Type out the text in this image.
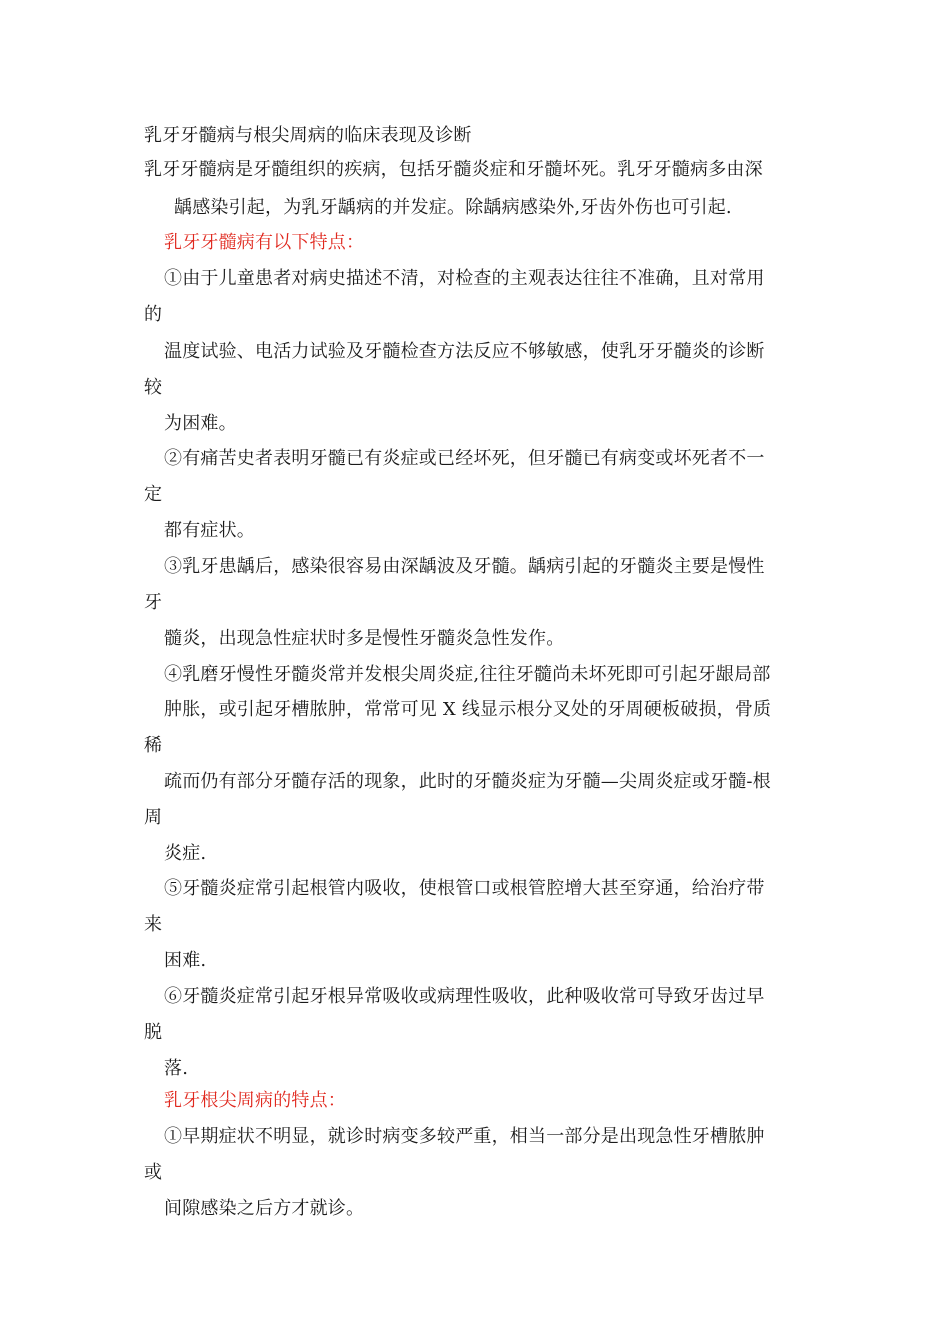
乳牙牙髓病与根尖周病的临床表现及诊断
乳牙牙髓病是牙髓组织的疾病，包括牙髓炎症和牙髓坏死。乳牙牙髓病多由深
龋感染引起，为乳牙龋病的并发症。除龋病感染外,牙齿外伤也可引起.
乳牙牙髓病有以下特点：
①由于儿童患者对病史描述不清，对检查的主观表达往往不准确，且对常用
的
温度试验、电活力试验及牙髓检查方法反应不够敏感，使乳牙牙髓炎的诊断
较
为困难。
②有痛苦史者表明牙髓已有炎症或已经坏死，但牙髓已有病变或坏死者不一
定
都有症状。
③乳牙患龋后，感染很容易由深龋波及牙髓。龋病引起的牙髓炎主要是慢性
牙
髓炎，出现急性症状时多是慢性牙髓炎急性发作。
④乳磨牙慢性牙髓炎常并发根尖周炎症,往往牙髓尚未坏死即可引起牙龈局部
肿胀，或引起牙槽脓肿，常常可见 X 线显示根分叉处的牙周硬板破损，骨质
稀
疏而仍有部分牙髓存活的现象，此时的牙髓炎症为牙髓—尖周炎症或牙髓-根
周
炎症.
⑤牙髓炎症常引起根管内吸收，使根管口或根管腔增大甚至穿通，给治疗带
来
困难.
⑥牙髓炎症常引起牙根异常吸收或病理性吸收，此种吸收常可导致牙齿过早
脱
落.
乳牙根尖周病的特点：
①早期症状不明显，就诊时病变多较严重，相当一部分是出现急性牙槽脓肿
或
间隙感染之后方才就诊。
